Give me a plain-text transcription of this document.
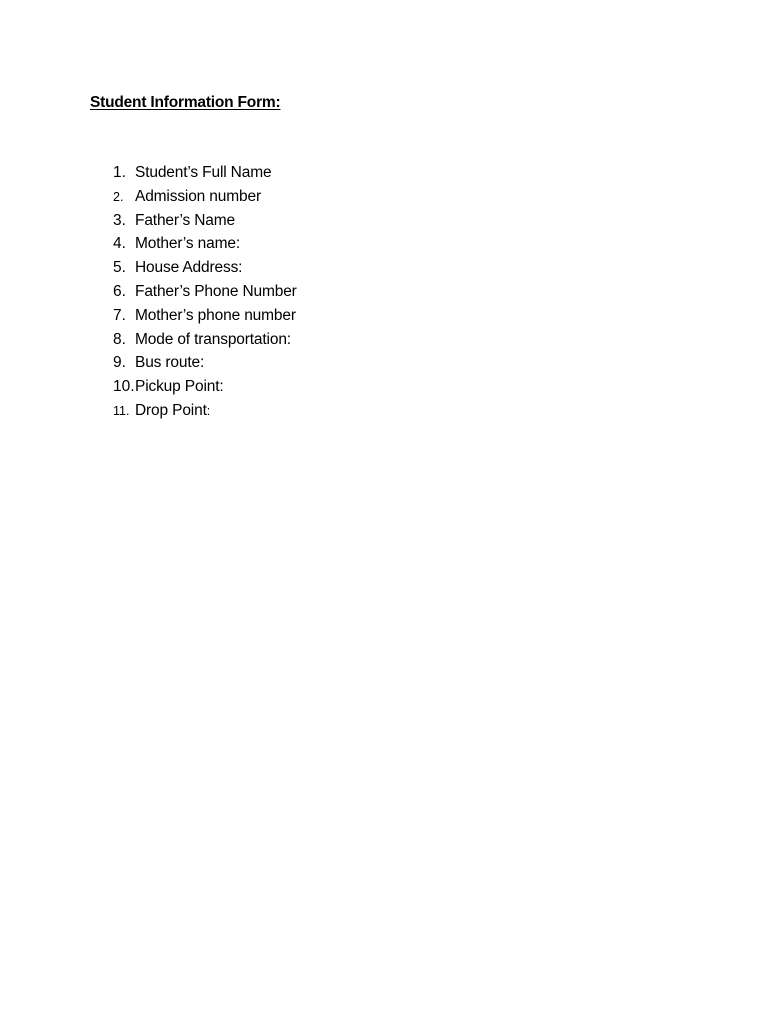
Student Information Form:
1. Student’s Full Name
2. Admission number
3. Father’s Name
4. Mother’s name:
5. House Address:
6. Father’s Phone Number
7. Mother’s phone number
8. Mode of transportation:
9. Bus route:
10. Pickup Point:
11. Drop Point:
